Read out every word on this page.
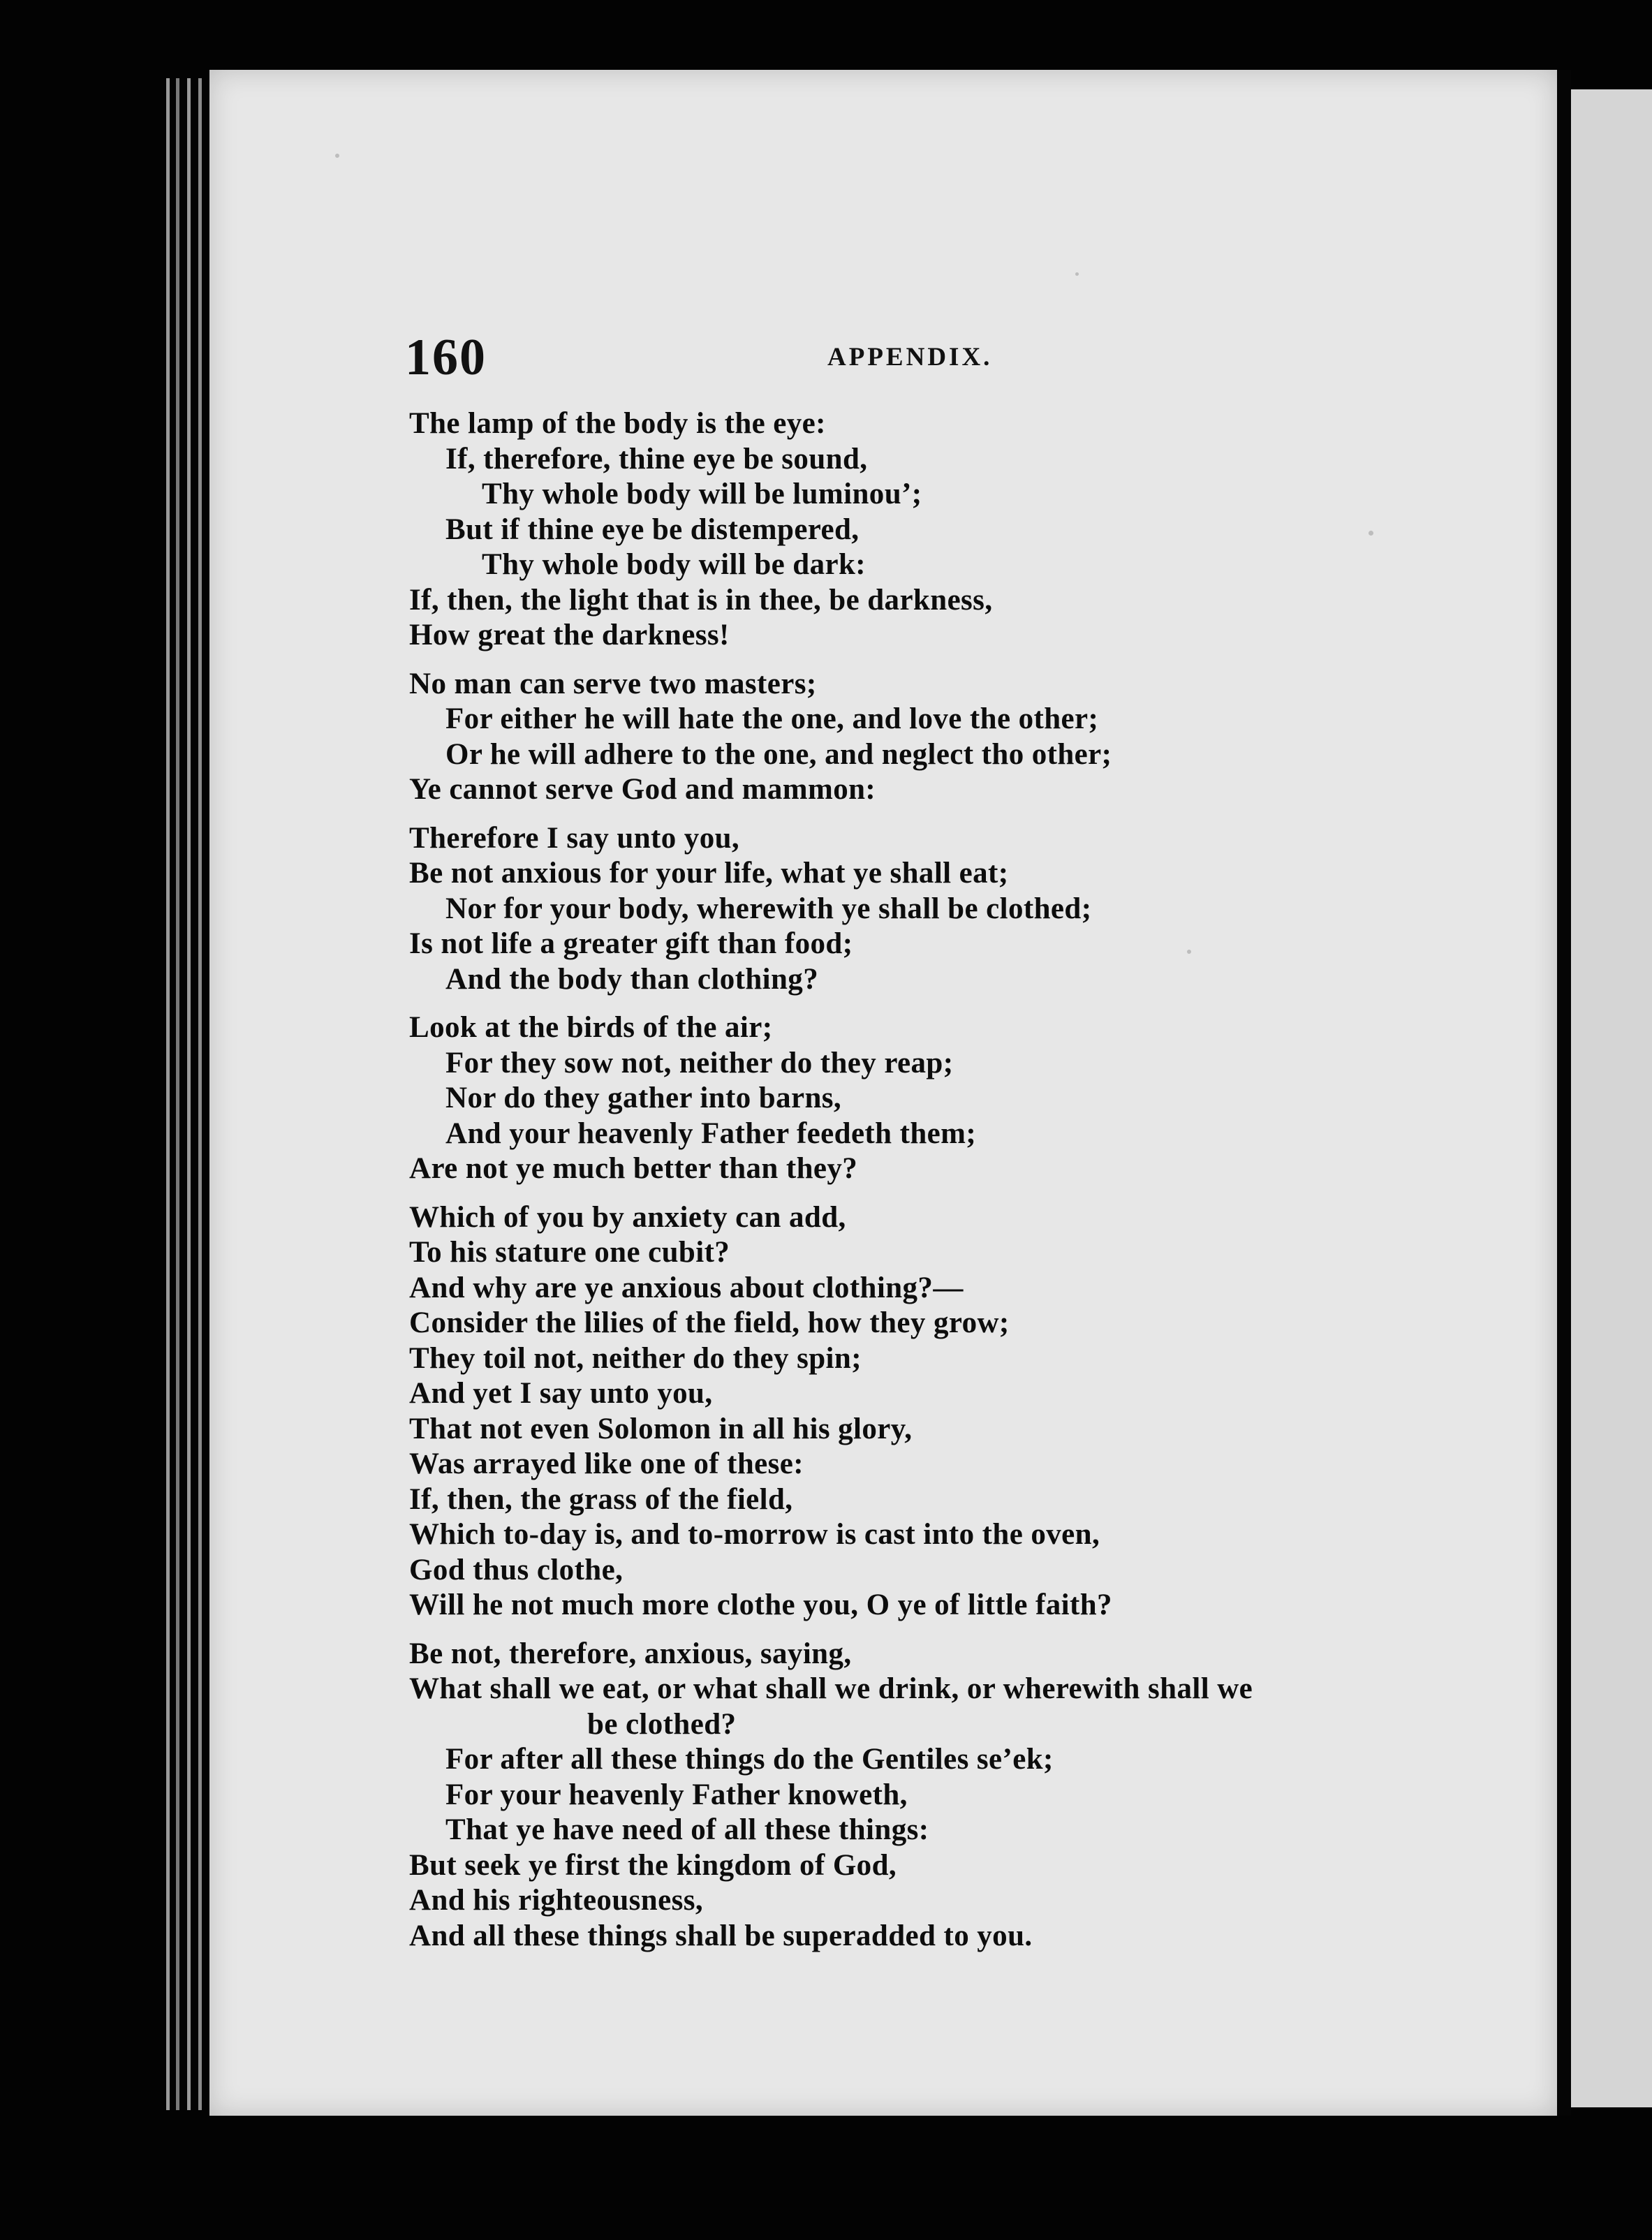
160	APPENDIX.
The lamp of the body is the eye:
If, therefore, thine eye be sound,
Thy whole body will be luminouʼ;
But if thine eye be distempered,
Thy whole body will be dark:
If, then, the light that is in thee, be darkness,
How great the darkness!
No man can serve two masters;
For either he will hate the one, and love the other;
Or he will adhere to the one, and neglect tho other;
Ye cannot serve God and mammon:
Therefore I say unto you,
Be not anxious for your life, what ye shall eat;
Nor for your body, wherewith ye shall be clothed;
Is not life a greater gift than food;
And the body than clothing?
Look at the birds of the air;
For they sow not, neither do they reap;
Nor do they gather into barns,
And your heavenly Father feedeth them;
Are not ye much better than they?
Which of you by anxiety can add,
To his stature one cubit?
And why are ye anxious about clothing?—
Consider the lilies of the field, how they grow;
They toil not, neither do they spin;
And yet I say unto you,
That not even Solomon in all his glory,
Was arrayed like one of these:
If, then, the grass of the field,
Which to-day is, and to-morrow is cast into the oven,
God thus clothe,
Will he not much more clothe you, O ye of little faith?
Be not, therefore, anxious, saying,
What shall we eat, or what shall we drink, or wherewith shall we
be clothed?
For after all these things do the Gentiles se’ek;
For your heavenly Father knoweth,
That ye have need of all these things:
But seek ye first the kingdom of God,
And his righteousness,
And all these things shall be superadded to you.
